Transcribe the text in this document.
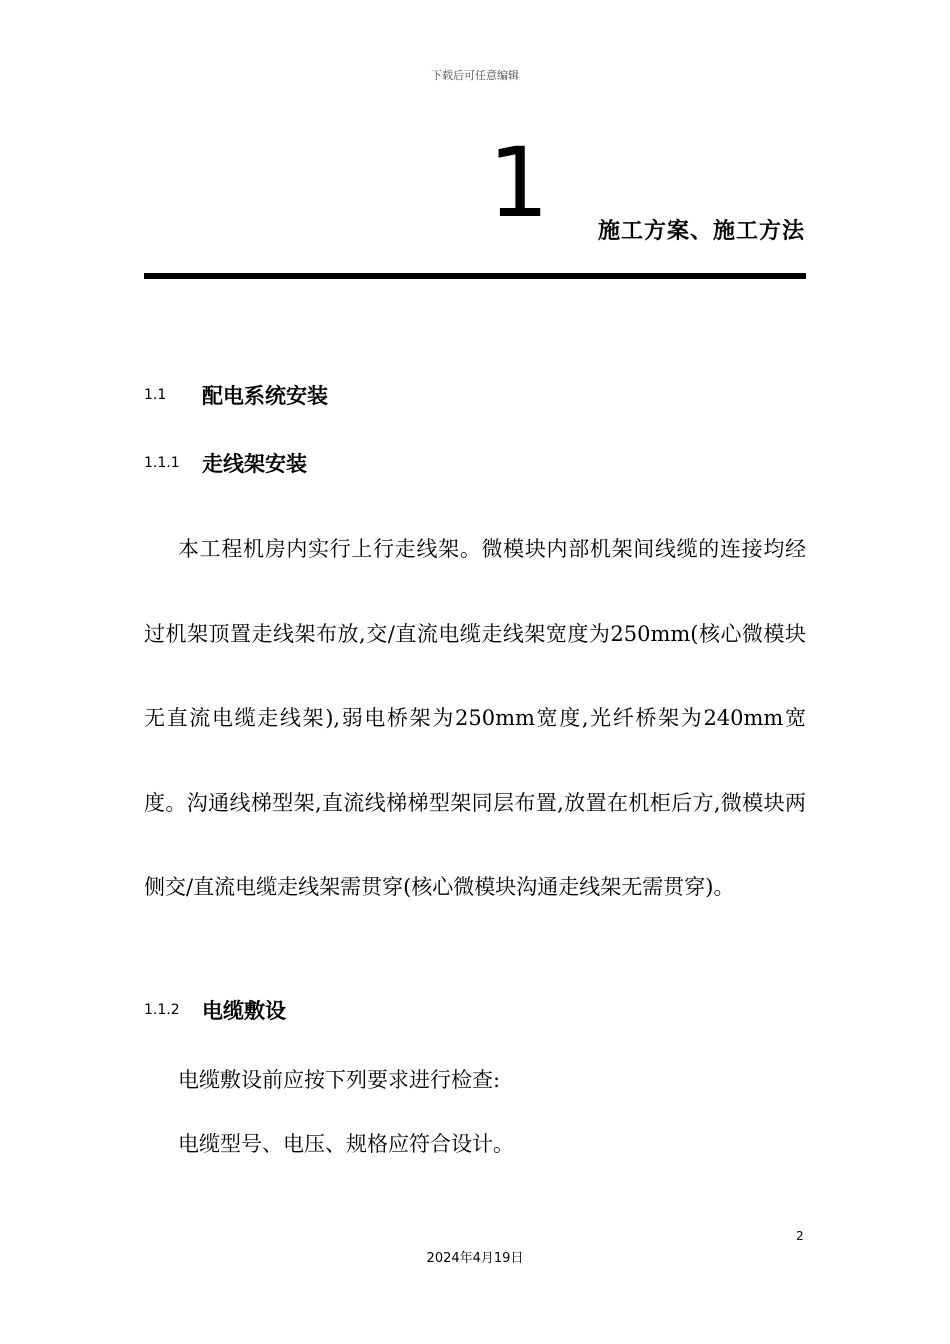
下载后可任意编辑
1 施工方案、施工方法
1.1 配电系统安装
1.1.1 走线架安装
本工程机房内实行上行走线架。微模块内部机架间线缆的连接均经过机架顶置走线架布放,交/直流电缆走线架宽度为250mm(核心微模块无直流电缆走线架),弱电桥架为250mm宽度,光纤桥架为240mm宽度。沟通线梯型架,直流线梯梯型架同层布置,放置在机柜后方,微模块两侧交/直流电缆走线架需贯穿(核心微模块沟通走线架无需贯穿)。
1.1.2 电缆敷设
电缆敷设前应按下列要求进行检查:
电缆型号、电压、规格应符合设计。
2
2024年4月19日
